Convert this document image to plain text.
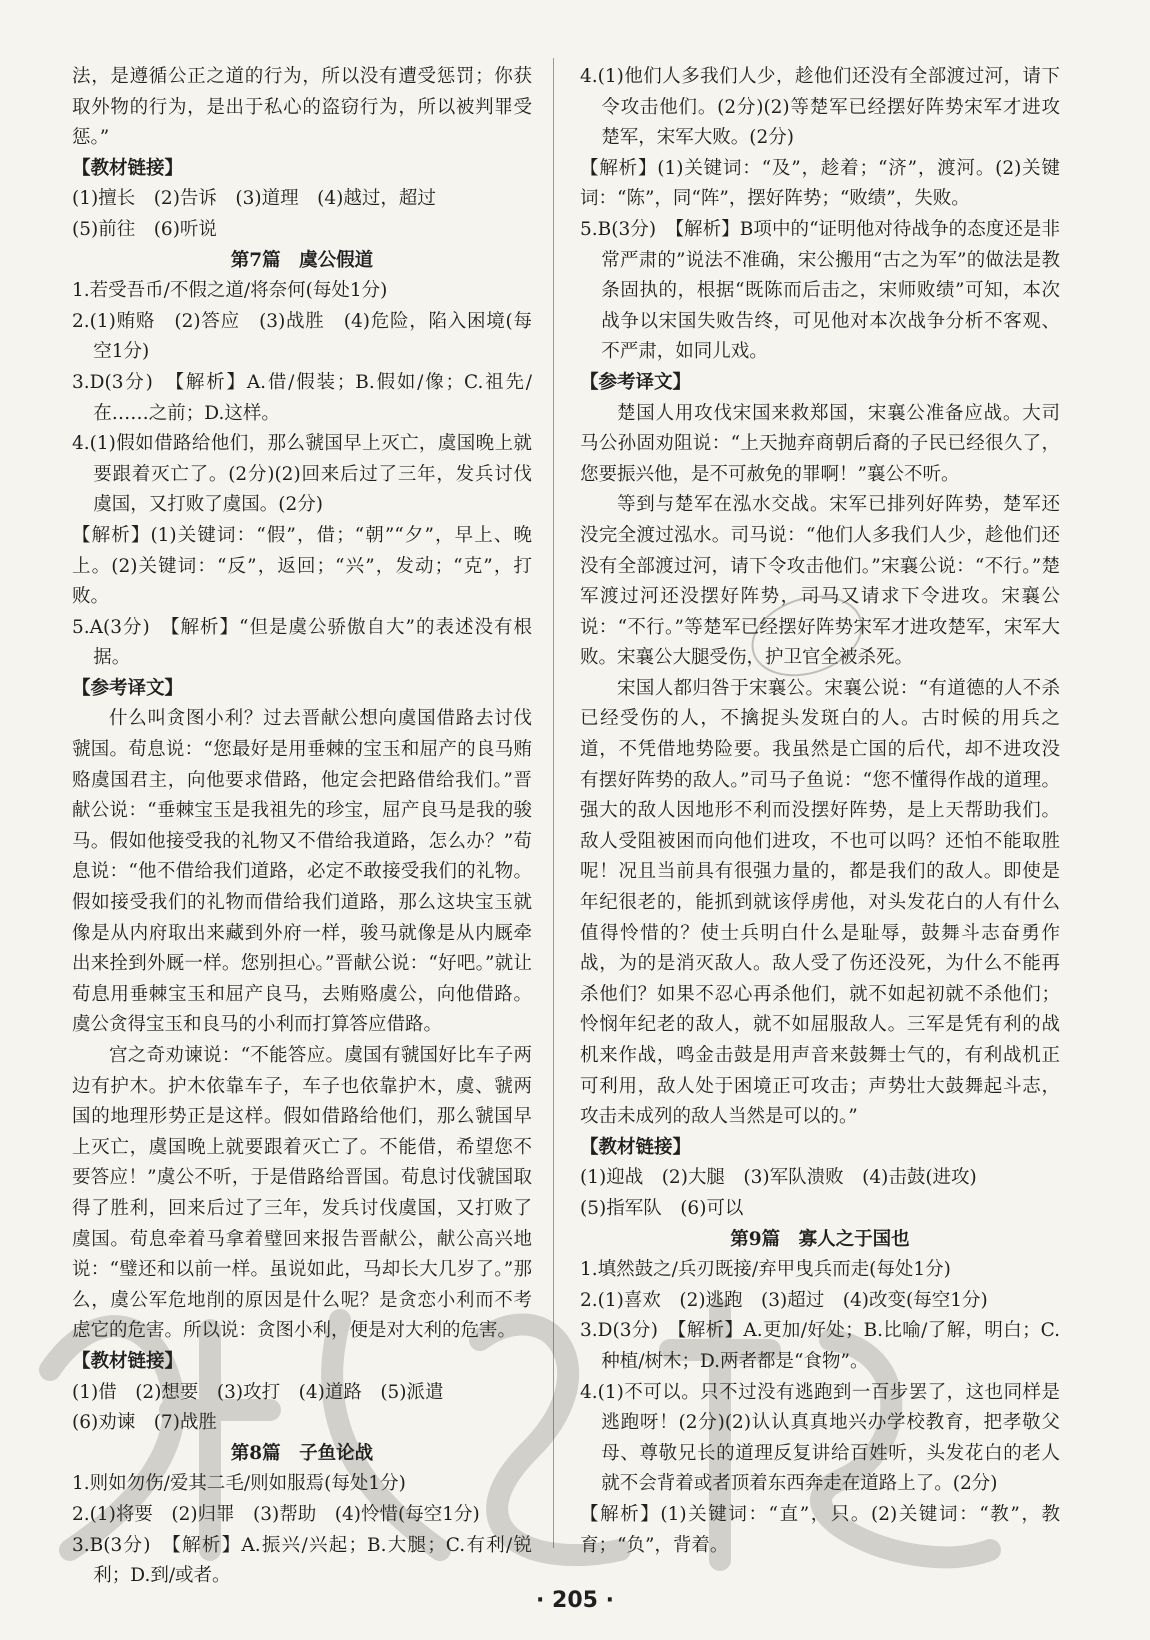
法，是遵循公正之道的行为，所以没有遭受惩罚；你获取外物的行为，是出于私心的盗窃行为，所以被判罪受惩。”
【教材链接】
(1)擅长　(2)告诉　(3)道理　(4)越过，超过
(5)前往　(6)听说
第7篇 虞公假道
1.若受吾币/不假之道/将奈何(每处1分)
2.(1)贿赂　(2)答应　(3)战胜　(4)危险，陷入困境(每空1分)
3.D(3分)　【解析】A.借/假装；B.假如/像；C.祖先/在……之前；D.这样。
4.(1)假如借路给他们，那么虢国早上灭亡，虞国晚上就要跟着灭亡了。(2分)(2)回来后过了三年，发兵讨伐虞国，又打败了虞国。(2分)
【解析】(1)关键词：“假”，借；“朝”“夕”，早上、晚上。(2)关键词：“反”，返回；“兴”，发动；“克”，打败。
5.A(3分)　【解析】“但是虞公骄傲自大”的表述没有根据。
【参考译文】
什么叫贪图小利？过去晋献公想向虞国借路去讨伐虢国。荀息说：“您最好是用垂棘的宝玉和屈产的良马贿赂虞国君主，向他要求借路，他定会把路借给我们。”晋献公说：“垂棘宝玉是我祖先的珍宝，屈产良马是我的骏马。假如他接受我的礼物又不借给我道路，怎么办？”荀息说：“他不借给我们道路，必定不敢接受我们的礼物。假如接受我们的礼物而借给我们道路，那么这块宝玉就像是从内府取出来藏到外府一样，骏马就像是从内厩牵出来拴到外厩一样。您别担心。”晋献公说：“好吧。”就让荀息用垂棘宝玉和屈产良马，去贿赂虞公，向他借路。虞公贪得宝玉和良马的小利而打算答应借路。
宫之奇劝谏说：“不能答应。虞国有虢国好比车子两边有护木。护木依靠车子，车子也依靠护木，虞、虢两国的地理形势正是这样。假如借路给他们，那么虢国早上灭亡，虞国晚上就要跟着灭亡了。不能借，希望您不要答应！”虞公不听，于是借路给晋国。荀息讨伐虢国取得了胜利，回来后过了三年，发兵讨伐虞国，又打败了虞国。荀息牵着马拿着璧回来报告晋献公，献公高兴地说：“璧还和以前一样。虽说如此，马却长大几岁了。”那么，虞公军危地削的原因是什么呢？是贪恋小利而不考虑它的危害。所以说：贪图小利，便是对大利的危害。
【教材链接】
(1)借　(2)想要　(3)攻打　(4)道路　(5)派遣
(6)劝谏　(7)战胜
第8篇 子鱼论战
1.则如勿伤/爱其二毛/则如服焉(每处1分)
2.(1)将要　(2)归罪　(3)帮助　(4)怜惜(每空1分)
3.B(3分)　【解析】A.振兴/兴起；B.大腿；C.有利/锐利；D.到/或者。
4.(1)他们人多我们人少，趁他们还没有全部渡过河，请下令攻击他们。(2分)(2)等楚军已经摆好阵势宋军才进攻楚军，宋军大败。(2分)
【解析】(1)关键词：“及”，趁着；“济”，渡河。(2)关键词：“陈”，同“阵”，摆好阵势；“败绩”，失败。
5.B(3分)　【解析】B项中的“证明他对待战争的态度还是非常严肃的”说法不准确，宋公搬用“古之为军”的做法是教条固执的，根据“既陈而后击之，宋师败绩”可知，本次战争以宋国失败告终，可见他对本次战争分析不客观、不严肃，如同儿戏。
【参考译文】
楚国人用攻伐宋国来救郑国，宋襄公准备应战。大司马公孙固劝阻说：“上天抛弃商朝后裔的子民已经很久了，您要振兴他，是不可赦免的罪啊！”襄公不听。
等到与楚军在泓水交战。宋军已排列好阵势，楚军还没完全渡过泓水。司马说：“他们人多我们人少，趁他们还没有全部渡过河，请下令攻击他们。”宋襄公说：“不行。”楚军渡过河还没摆好阵势，司马又请求下令进攻。宋襄公说：“不行。”等楚军已经摆好阵势宋军才进攻楚军，宋军大败。宋襄公大腿受伤，护卫官全被杀死。
宋国人都归咎于宋襄公。宋襄公说：“有道德的人不杀已经受伤的人，不擒捉头发斑白的人。古时候的用兵之道，不凭借地势险要。我虽然是亡国的后代，却不进攻没有摆好阵势的敌人。”司马子鱼说：“您不懂得作战的道理。强大的敌人因地形不利而没摆好阵势，是上天帮助我们。敌人受阻被困而向他们进攻，不也可以吗？还怕不能取胜呢！况且当前具有很强力量的，都是我们的敌人。即使是年纪很老的，能抓到就该俘虏他，对头发花白的人有什么值得怜惜的？使士兵明白什么是耻辱，鼓舞斗志奋勇作战，为的是消灭敌人。敌人受了伤还没死，为什么不能再杀他们？如果不忍心再杀他们，就不如起初就不杀他们；怜悯年纪老的敌人，就不如屈服敌人。三军是凭有利的战机来作战，鸣金击鼓是用声音来鼓舞士气的，有利战机正可利用，敌人处于困境正可攻击；声势壮大鼓舞起斗志，攻击未成列的敌人当然是可以的。”
【教材链接】
(1)迎战　(2)大腿　(3)军队溃败　(4)击鼓(进攻)
(5)指军队　(6)可以
第9篇 寡人之于国也
1.填然鼓之/兵刃既接/弃甲曳兵而走(每处1分)
2.(1)喜欢　(2)逃跑　(3)超过　(4)改变(每空1分)
3.D(3分)　【解析】A.更加/好处；B.比喻/了解，明白；C.种植/树木；D.两者都是“食物”。
4.(1)不可以。只不过没有逃跑到一百步罢了，这也同样是逃跑呀！(2分)(2)认认真真地兴办学校教育，把孝敬父母、尊敬兄长的道理反复讲给百姓听，头发花白的老人就不会背着或者顶着东西奔走在道路上了。(2分)
【解析】(1)关键词：“直”，只。(2)关键词：“教”，教育；“负”，背着。
· 205 ·
